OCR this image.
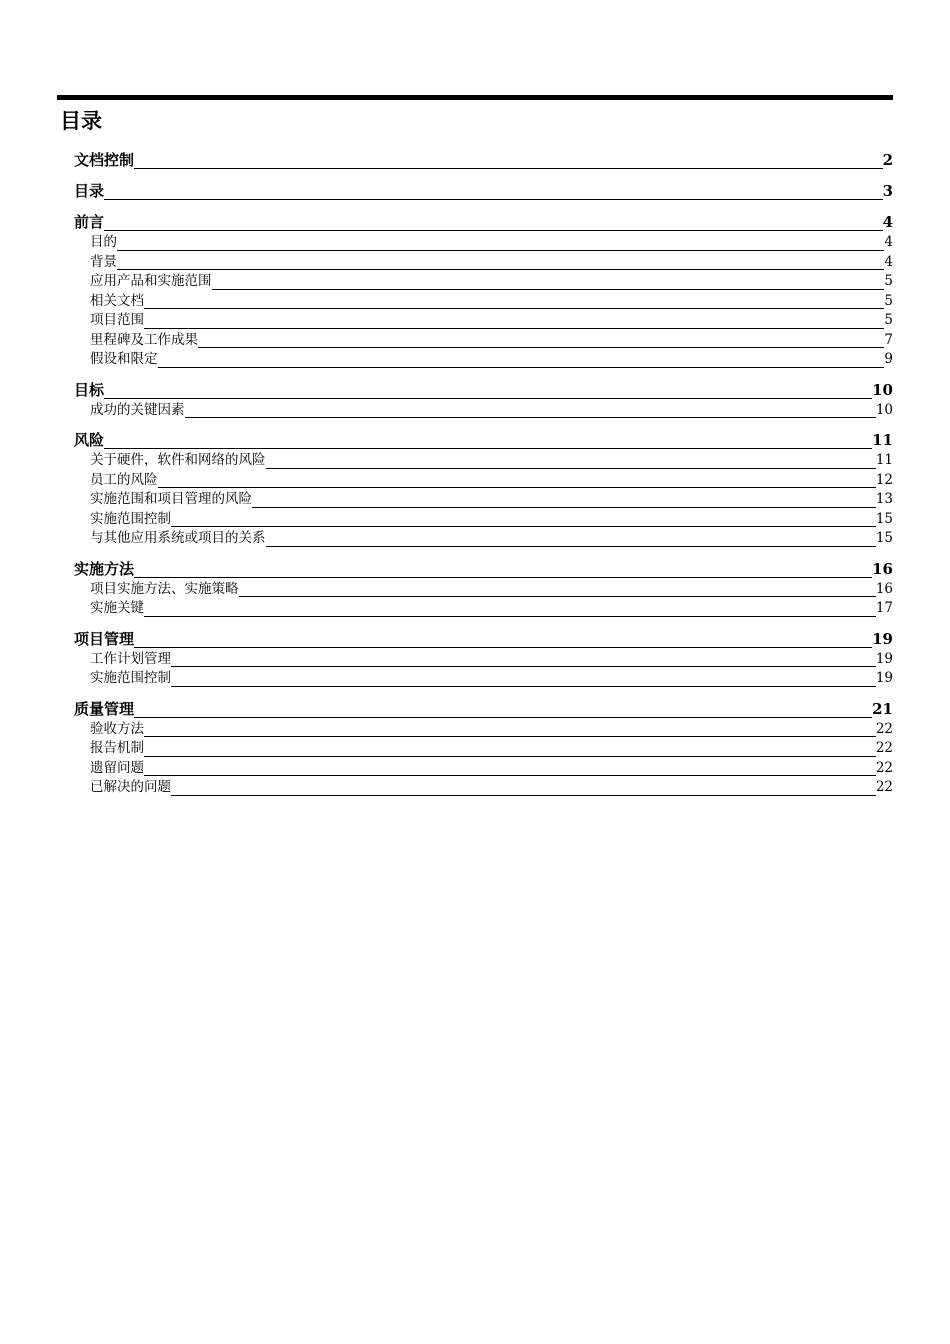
目录
文档控制	2
目录	3
前言	4
目的	4
背景	4
应用产品和实施范围	5
相关文档	5
项目范围	5
里程碑及工作成果	7
假设和限定	9
目标	10
成功的关键因素	10
风险	11
关于硬件，软件和网络的风险	11
员工的风险	12
实施范围和项目管理的风险	13
实施范围控制	15
与其他应用系统或项目的关系	15
实施方法	16
项目实施方法、实施策略	16
实施关键	17
项目管理	19
工作计划管理	19
实施范围控制	19
质量管理	21
验收方法	22
报告机制	22
遗留问题	22
已解决的问题	22
